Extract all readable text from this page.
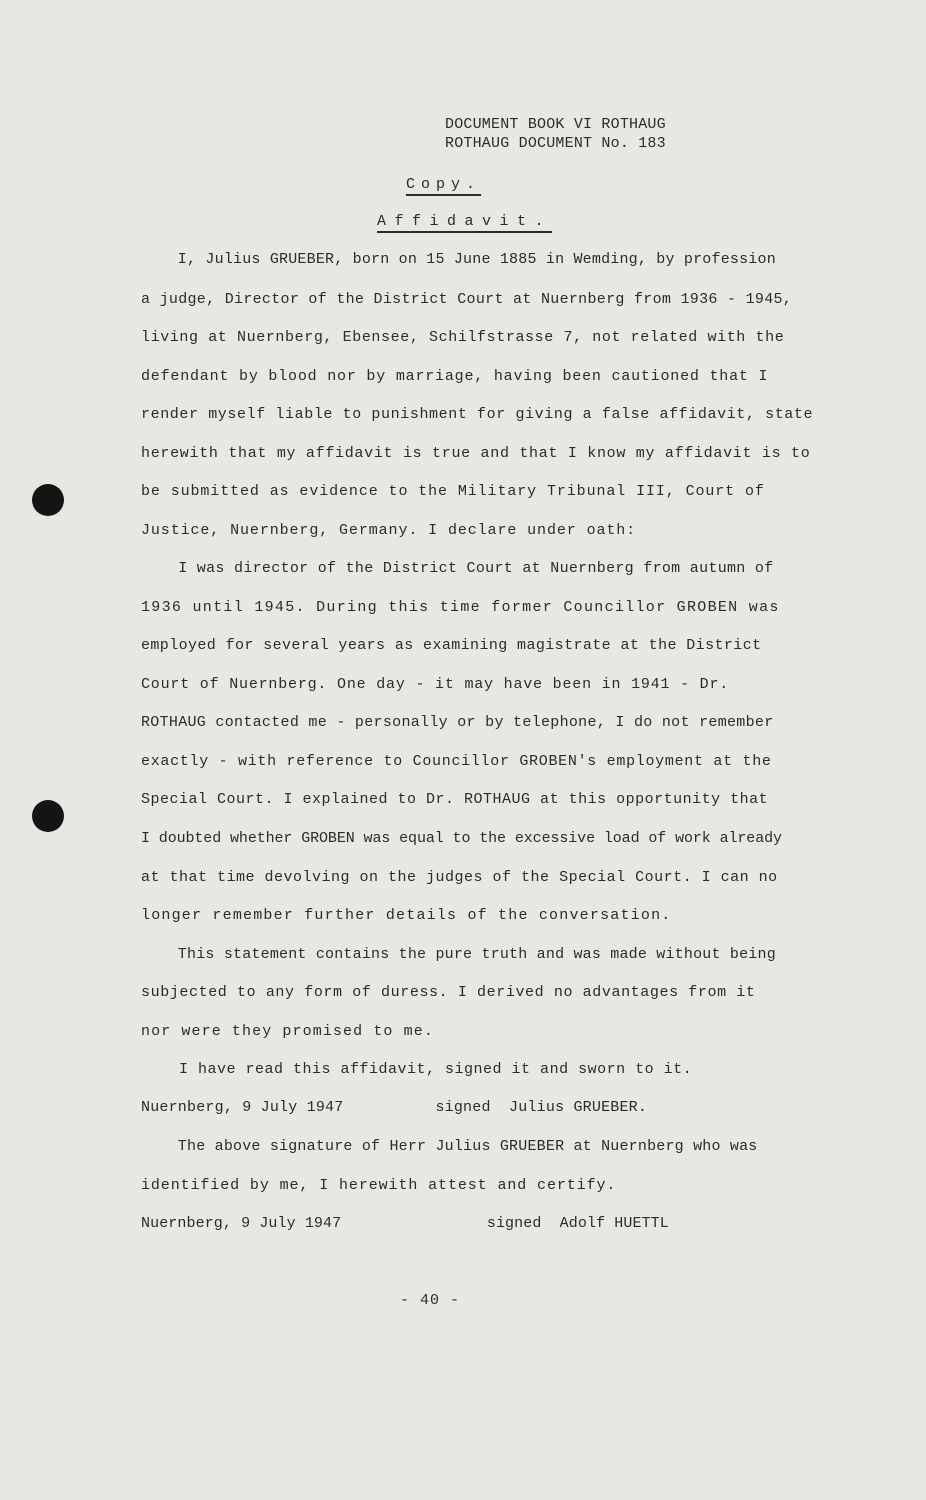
DOCUMENT BOOK VI ROTHAUG
ROTHAUG DOCUMENT No. 183
Copy.
Affidavit.
I, Julius GRUEBER, born on 15 June 1885 in Wemding, by profession
a judge, Director of the District Court at Nuernberg from 1936 - 1945,
living at Nuernberg, Ebensee, Schilfstrasse 7, not related with the
defendant by blood nor by marriage, having been cautioned that I
render myself liable to punishment for giving a false affidavit, state
herewith that my affidavit is true and that I know my affidavit is to
be submitted as evidence to the Military Tribunal III, Court of
Justice, Nuernberg, Germany. I declare under oath:
I was director of the District Court at Nuernberg from autumn of
1936 until 1945. During this time former Councillor GROBEN was
employed for several years as examining magistrate at the District
Court of Nuernberg. One day - it may have been in 1941 - Dr.
ROTHAUG contacted me - personally or by telephone, I do not remember
exactly - with reference to Councillor GROBEN's employment at the
Special Court. I explained to Dr. ROTHAUG at this opportunity that
I doubted whether GROBEN was equal to the excessive load of work already
at that time devolving on the judges of the Special Court. I can no
longer remember further details of the conversation.
This statement contains the pure truth and was made without being
subjected to any form of duress. I derived no advantages from it
nor were they promised to me.
I have read this affidavit, signed it and sworn to it.
Nuernberg, 9 July 1947          signed  Julius GRUEBER.
The above signature of Herr Julius GRUEBER at Nuernberg who was
identified by me, I herewith attest and certify.
Nuernberg, 9 July 1947                signed  Adolf HUETTL
- 40 -
